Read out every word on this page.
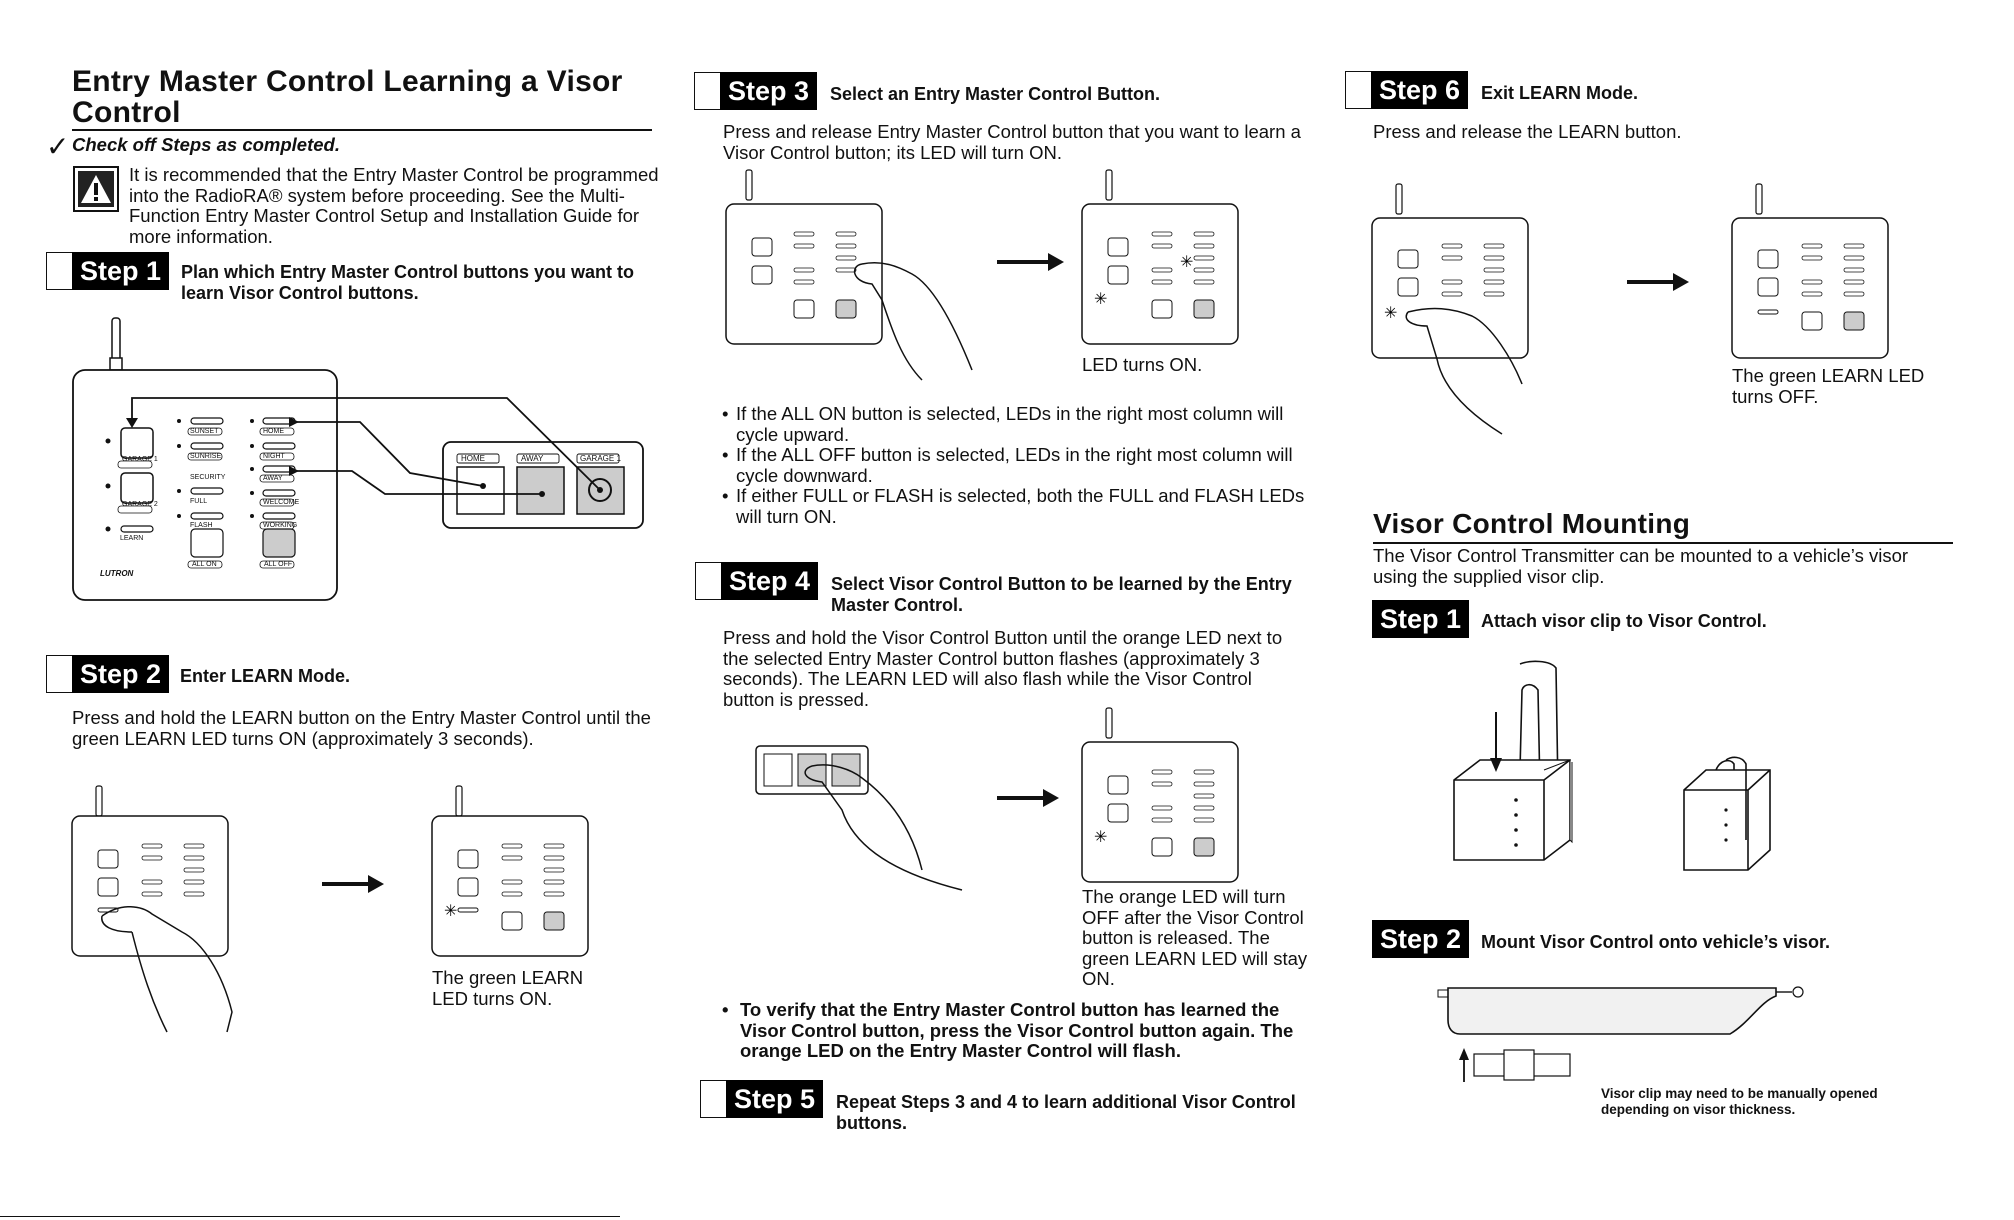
Entry Master Control Learning a Visor Control
✓ Check off Steps as completed.
It is recommended that the Entry Master Control be programmed into the RadioRA® system before proceeding. See the Multi-Function Entry Master Control Setup and Installation Guide for more information.
Step 1	Plan which Entry Master Control buttons you want to learn Visor Control buttons.
GARAGE 1
GARAGE 2
LEARN
SUNSET
SUNRISE
SECURITY
FULL
FLASH
ALL ON
HOME
NIGHT
AWAY
WELCOME
WORKING
ALL OFF
LUTRON
HOME	AWAY	GARAGE 1
Step 2	Enter LEARN Mode.
Press and hold the LEARN button on the Entry Master Control until the green LEARN LED turns ON (approximately 3 seconds).
✳
The green LEARN LED turns ON.
Step 3	Select an Entry Master Control Button.
Press and release Entry Master Control button that you want to learn a Visor Control button; its LED will turn ON.
✳
✳
LED turns ON.
• If the ALL ON button is selected, LEDs in the right most column will cycle upward.
• If the ALL OFF button is selected, LEDs in the right most column will cycle downward.
• If either FULL or FLASH is selected, both the FULL and FLASH LEDs will turn ON.
Step 4	Select Visor Control Button to be learned by the Entry Master Control.
Press and hold the Visor Control Button until the orange LED next to the selected Entry Master Control button flashes (approximately 3 seconds). The LEARN LED will also flash while the Visor Control button is pressed.
✳
The orange LED will turn OFF after the Visor Control button is released. The green LEARN LED will stay ON.
• To verify that the Entry Master Control button has learned the Visor Control button, press the Visor Control button again. The orange LED on the Entry Master Control will flash.
Step 5	Repeat Steps 3 and 4 to learn additional Visor Control buttons.
Step 6	Exit LEARN Mode.
Press and release the LEARN button.
✳
The green LEARN LED turns OFF.
Visor Control Mounting
The Visor Control Transmitter can be mounted to a vehicle’s visor using the supplied visor clip.
Step 1	Attach visor clip to Visor Control.
Step 2	Mount Visor Control onto vehicle’s visor.
Visor clip may need to be manually opened depending on visor thickness.
